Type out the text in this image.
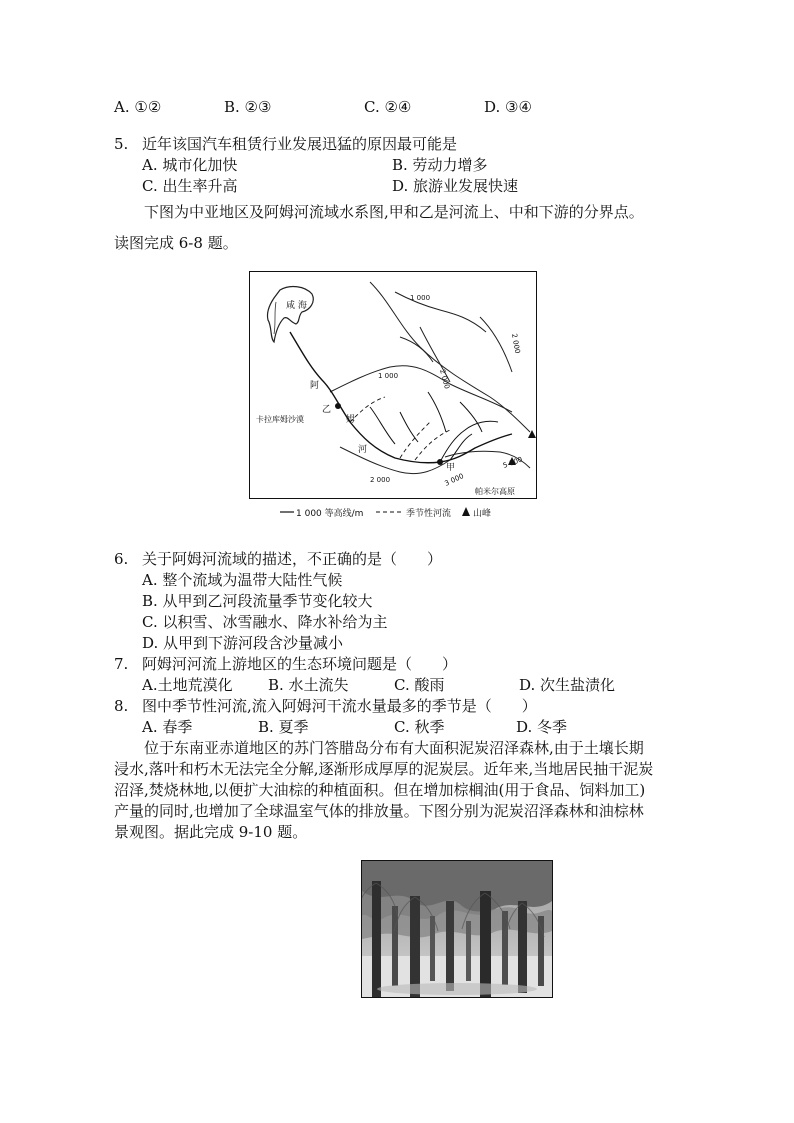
A. ①②	B. ②③	C. ②④	D. ③④
5. 近年该国汽车租赁行业发展迅猛的原因最可能是
A. 城市化加快	B. 劳动力增多
C. 出生率升高	D. 旅游业发展快速
下图为中亚地区及阿姆河流域水系图,甲和乙是河流上、中和下游的分界点。
读图完成 6-8 题。
咸 海
阿
姆
河
乙
甲
卡拉库姆沙漠
帕米尔高原
1 000
1 000
2 000
2 000
2 000	3 000
5 000
1 000 等高线/m	季节性河流 山峰
6. 关于阿姆河流域的描述，不正确的是（　　）
A. 整个流域为温带大陆性气候
B. 从甲到乙河段流量季节变化较大
C. 以积雪、冰雪融水、降水补给为主
D. 从甲到下游河段含沙量减小
7. 阿姆河河流上游地区的生态环境问题是（　　）
A.土地荒漠化 B. 水土流失	C. 酸雨	D. 次生盐渍化
8. 图中季节性河流,流入阿姆河干流水量最多的季节是（　　）
A. 春季	B. 夏季	C. 秋季	D. 冬季
位于东南亚赤道地区的苏门答腊岛分布有大面积泥炭沼泽森林,由于土壤长期
浸水,落叶和朽木无法完全分解,逐渐形成厚厚的泥炭层。近年来,当地居民抽干泥炭
沼泽,焚烧林地,以便扩大油棕的种植面积。但在增加棕榈油(用于食品、饲料加工)
产量的同时,也增加了全球温室气体的排放量。下图分别为泥炭沼泽森林和油棕林
景观图。据此完成 9-10 题。
